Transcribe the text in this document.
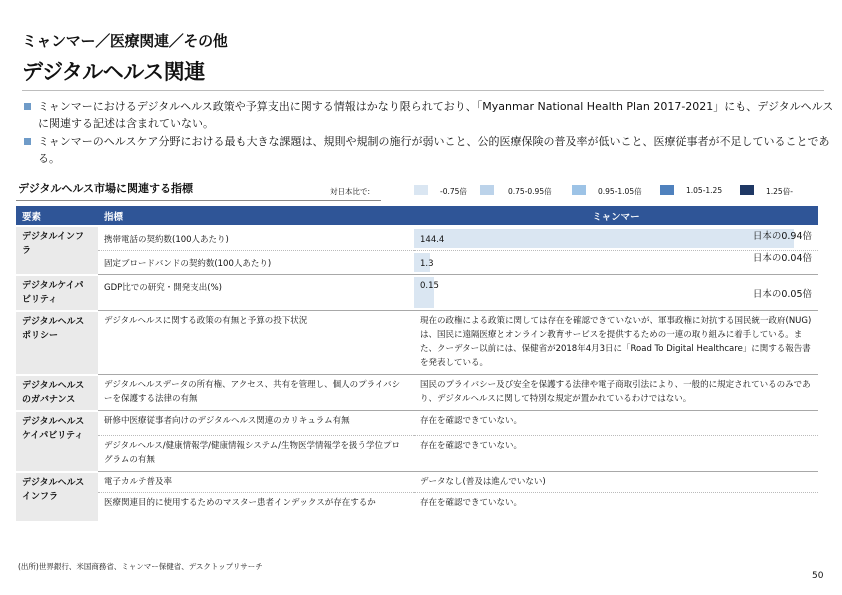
ミャンマー／医療関連／その他
デジタルヘルス関連
ミャンマーにおけるデジタルヘルス政策や予算支出に関する情報はかなり限られており、「Myanmar National Health Plan 2017-2021」にも、デジタルヘルスに関連する記述は含まれていない。
ミャンマーのヘルスケア分野における最も大きな課題は、規則や規制の施行が弱いこと、公的医療保険の普及率が低いこと、医療従事者が不足していることである。
デジタルヘルス市場に関連する指標	対日本比で:	-0.75倍	0.75-0.95倍	0.95-1.05倍	1.05-1.25	1.25倍-
要素	指標	ミャンマー
デジタルインフラ	携帯電話の契約数(100人あたり)	144.4 日本の0.94倍

	固定ブロードバンドの契約数(100人あたり)	1.3 日本の0.04倍

デジタルケイパビリティ	GDP比での研究・開発支出(%)	0.15
日本の0.05倍

デジタルヘルスポリシー	デジタルヘルスに関する政策の有無と予算の投下状況	現在の政権による政策に関しては存在を確認できていないが、軍事政権に対抗する国民統一政府(NUG)は、国民に遠隔医療とオンライン教育サービスを提供するための一連の取り組みに着手している。また、クーデター以前には、保健省が2018年4月3日に「Road To Digital Healthcare」に関する報告書を発表している。
デジタルヘルスのガバナンス	デジタルヘルスデータの所有権、アクセス、共有を管理し、個人のプライバシーを保護する法律の有無	国民のプライバシー及び安全を保護する法律や電子商取引法により、一般的に規定されているのみであり、デジタルヘルスに関して特別な規定が置かれているわけではない。
デジタルヘルスケイパビリティ	研修中医療従事者向けのデジタルヘルス関連のカリキュラム有無	存在を確認できていない。
	デジタルヘルス/健康情報学/健康情報システム/生物医学情報学を扱う学位プログラムの有無	存在を確認できていない。
デジタルヘルスインフラ	電子カルテ普及率	データなし(普及は進んでいない)
	医療関連目的に使用するためのマスター患者インデックスが存在するか	存在を確認できていない。
(出所)世界銀行、米国商務省、ミャンマー保健省、デスクトップリサーチ
50
